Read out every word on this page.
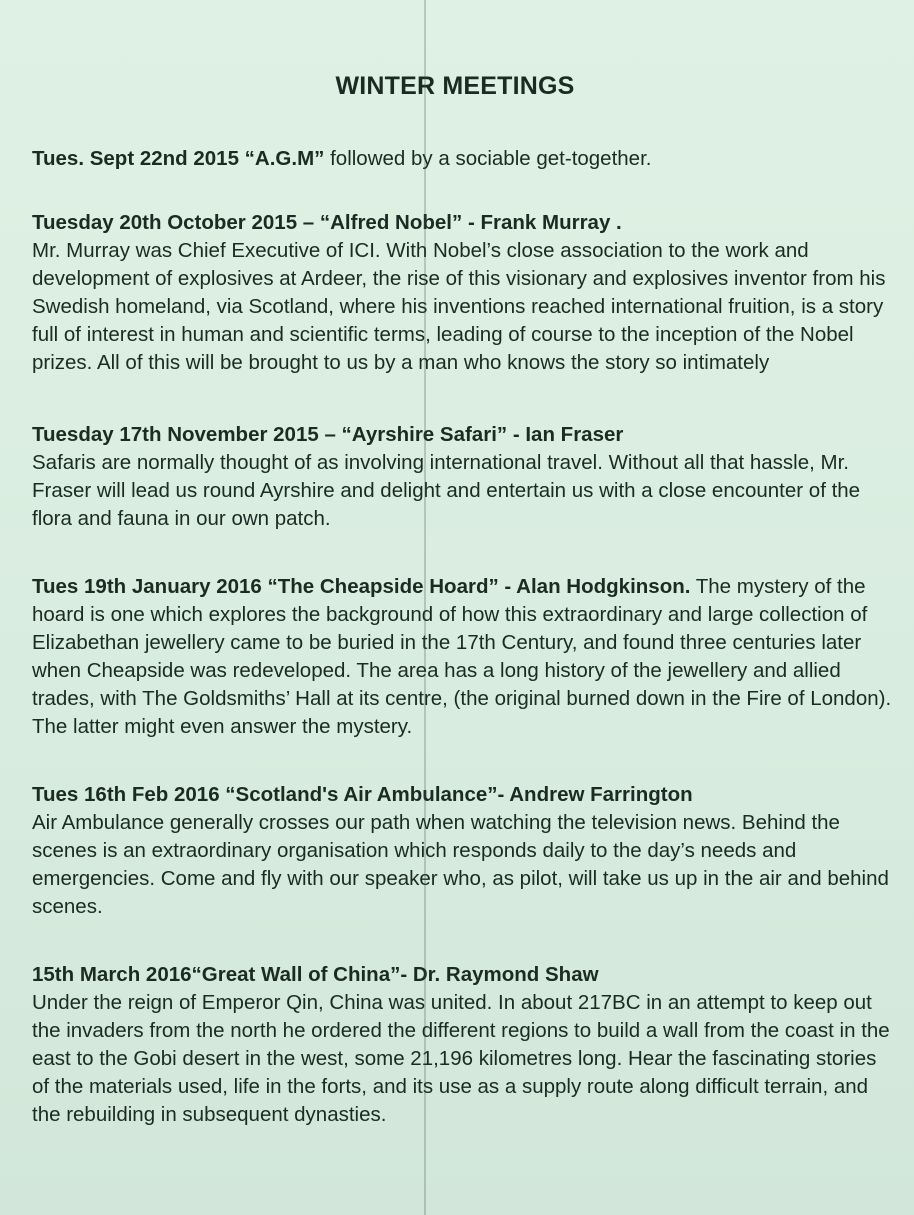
WINTER MEETINGS

Tues. Sept 22nd 2015 “A.G.M” followed by a sociable get-together.

Tuesday 20th October 2015 – “Alfred Nobel” - Frank Murray .
Mr. Murray was Chief Executive of ICI. With Nobel’s close association to the work and development of explosives at Ardeer, the rise of this visionary and explosives inventor from his Swedish homeland, via Scotland, where his inventions reached international fruition, is a story full of interest in human and scientific terms, leading of course to the inception of the Nobel prizes. All of this will be brought to us by a man who knows the story so intimately
Tuesday 17th November 2015 – “Ayrshire Safari” - Ian Fraser
Safaris are normally thought of as involving international travel. Without all that hassle, Mr. Fraser will lead us round Ayrshire and delight and entertain us with a close encounter of the flora and fauna in our own patch.
Tues 19th January 2016 “The Cheapside Hoard” - Alan Hodgkinson. The mystery of the hoard is one which explores the background of how this extraordinary and large collection of Elizabethan jewellery came to be buried in the 17th Century, and found three centuries later when Cheapside was redeveloped. The area has a long history of the jewellery and allied trades, with The Goldsmiths’ Hall at its centre, (the original burned down in the Fire of London). The latter might even answer the mystery.
Tues 16th Feb 2016 “Scotland's Air Ambulance”- Andrew Farrington
Air Ambulance generally crosses our path when watching the television news. Behind the scenes is an extraordinary organisation which responds daily to the day’s needs and emergencies. Come and fly with our speaker who, as pilot, will take us up in the air and behind scenes.
15th March 2016“Great Wall of China”- Dr. Raymond Shaw
Under the reign of Emperor Qin, China was united. In about 217BC in an attempt to keep out the invaders from the north he ordered the different regions to build a wall from the coast in the east to the Gobi desert in the west, some 21,196 kilometres long. Hear the fascinating stories of the materials used, life in the forts, and its use as a supply route along difficult terrain, and the rebuilding in subsequent dynasties.
